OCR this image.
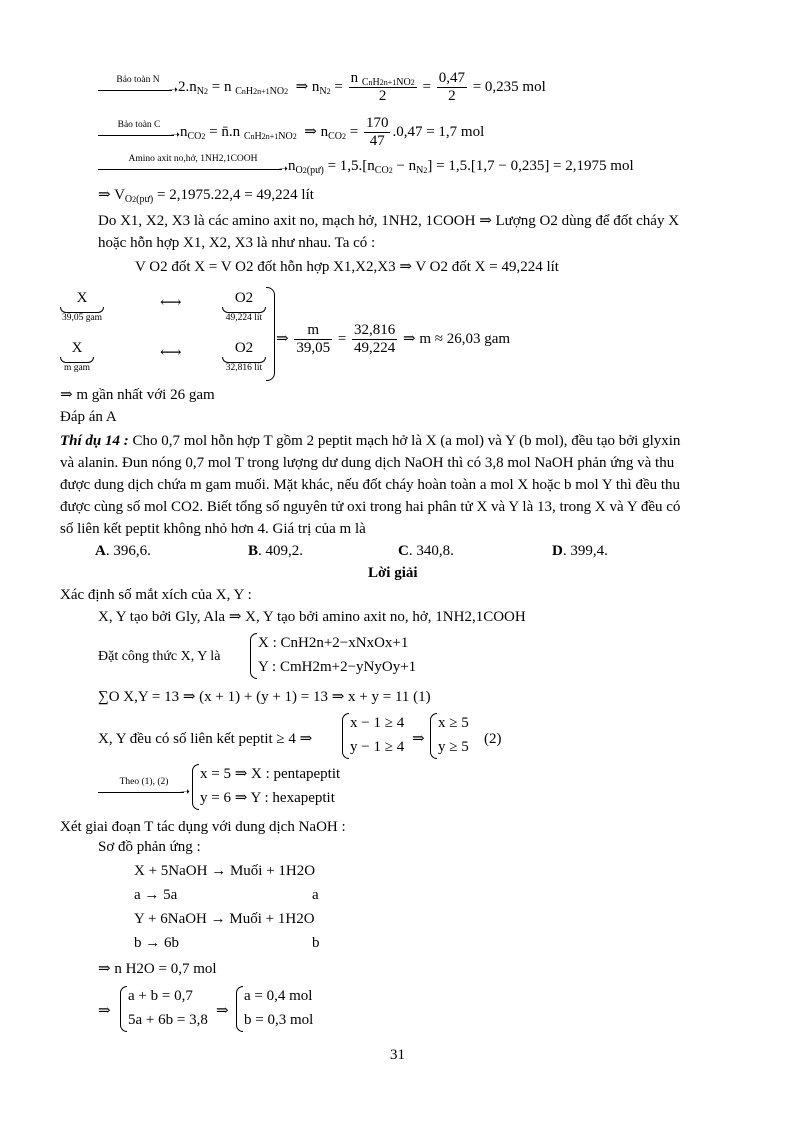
Bảo toàn N
➝ $2.n_{N2} = n$ $_{CnH2n+1NO2}$  ⇒ $n_{N2} = \frac{n _{CnH2n+1NO2}}{2} = \frac{0,47}{2} = 0,235$ mol
Bảo toàn C
➝ $n_{CO2}$ = n̄.n $_{CnH2n+1NO2}$  ⇒ $n_{CO2} = \frac{170}{47} .0,47 = 1,7$ mol
Amino axit no,hở, 1NH2,1COOH
➝ $n_{O2(pư)} = 1,5.[n_{CO2} - n_{N2}] = 1,5.[1,7 - 0,235] = 2,1975$ mol
⇒ $V_{O2(pư)} = 2,1975.22,4 = 49,224$ lít
Do X1, X2, X3 là các amino axit no, mạch hở, 1NH2, 1COOH ⇒ Lượng O2 dùng để đốt cháy X
hoặc hỗn hợp X1, X2, X3 là như nhau. Ta có :
V O2 đốt X = V O2 đốt hỗn hợp X1,X2,X3 ⇒ V O2 đốt X = 49,224 lít
X
39,05 gam
⟷	O2
49,224 lít
X
m gam
⟷	O2
32,816 lít
⇒ $\frac{m}{39,05} = \frac{32,816}{49,224}$ ⇒ m ≈ 26,03 gam
⇒ m gần nhất với 26 gam
Đáp án A
Thí dụ 14 : Cho 0,7 mol hỗn hợp T gồm 2 peptit mạch hở là X (a mol) và Y (b mol), đều tạo bởi glyxin
và alanin. Đun nóng 0,7 mol T trong lượng dư dung dịch NaOH thì có 3,8 mol NaOH phản ứng và thu
được dung dịch chứa m gam muối. Mặt khác, nếu đốt cháy hoàn toàn a mol X hoặc b mol Y thì đều thu
được cùng số mol CO2. Biết tổng số nguyên tử oxi trong hai phân tử X và Y là 13, trong X và Y đều có
số liên kết peptit không nhỏ hơn 4. Giá trị của m là
A. 396,6.	B. 409,2.	C. 340,8.	D. 399,4.
Lời giải
Xác định số mắt xích của X, Y :
X, Y tạo bởi Gly, Ala ⇒ X, Y tạo bởi amino axit no, hở, 1NH2,1COOH
Đặt công thức X, Y là
X : CnH2n+2−xNxOx+1
Y : CmH2m+2−yNyOy+1
∑O X,Y = 13 ⇒ (x + 1) + (y + 1) = 13 ⇒ x + y = 11 (1)
X, Y đều có số liên kết peptit ≥ 4 ⇒
x − 1 ≥ 4
y − 1 ≥ 4 ⇒
x ≥ 5
y ≥ 5 (2)
Theo (1), (2)
➝
x = 5 ⇒ X : pentapeptit
y = 6 ⇒ Y : hexapeptit
Xét giai đoạn T tác dụng với dung dịch NaOH :
Sơ đồ phản ứng :
X + 5NaOH → Muối + 1H2O
a → 5a	a
Y + 6NaOH → Muối + 1H2O
b → 6b	b
⇒ n H2O = 0,7 mol
⇒
a + b = 0,7
5a + 6b = 3,8
⇒
a = 0,4 mol
b = 0,3 mol
31
